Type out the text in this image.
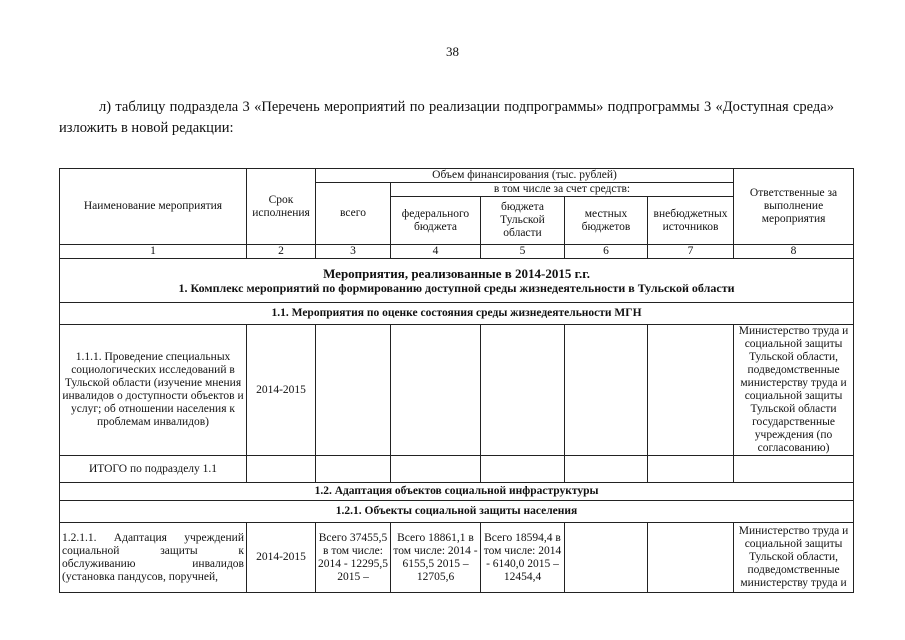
38
л) таблицу подраздела 3 «Перечень мероприятий по реализации подпрограммы» подпрограммы 3 «Доступная среда» изложить в новой редакции:
Наименование мероприятия	Срок исполнения	Объем финансирования (тыс. рублей)					Ответственные за выполнение мероприятия
		всего	в том числе за счет средств:				
			федерального бюджета	бюджета Тульской области	местных бюджетов	внебюджетных источников	
1	2	3	4	5	6	7	8

Мероприятия, реализованные в 2014-2015 г.г.
1. Комплекс мероприятий по формированию доступной среды жизнедеятельности в Тульской области							

1.1. Мероприятия по оценке состояния среды жизнедеятельности МГН							
1.1.1. Проведение специальных социологических исследований в Тульской области (изучение мнения инвалидов о доступности объектов и услуг; об отношении населения к проблемам инвалидов)	2014-2015						Министерство труда и социальной защиты Тульской области, подведомственные министерству труда и социальной защиты Тульской области государственные учреждения (по согласованию)
ИТОГО по подразделу 1.1							
1.2. Адаптация объектов социальной инфраструктуры							
1.2.1. Объекты социальной защиты населения							
1.2.1.1. Адаптация учреждений социальной защиты к обслуживанию инвалидов (установка пандусов, поручней,	2014-2015	Всего 37455,5 в том числе: 2014 - 12295,5 2015 –	Всего 18861,1 в том числе: 2014 - 6155,5 2015 – 12705,6	Всего 18594,4 в том числе: 2014 - 6140,0 2015 – 12454,4			Министерство труда и социальной защиты Тульской области, подведомственные министерству труда и
